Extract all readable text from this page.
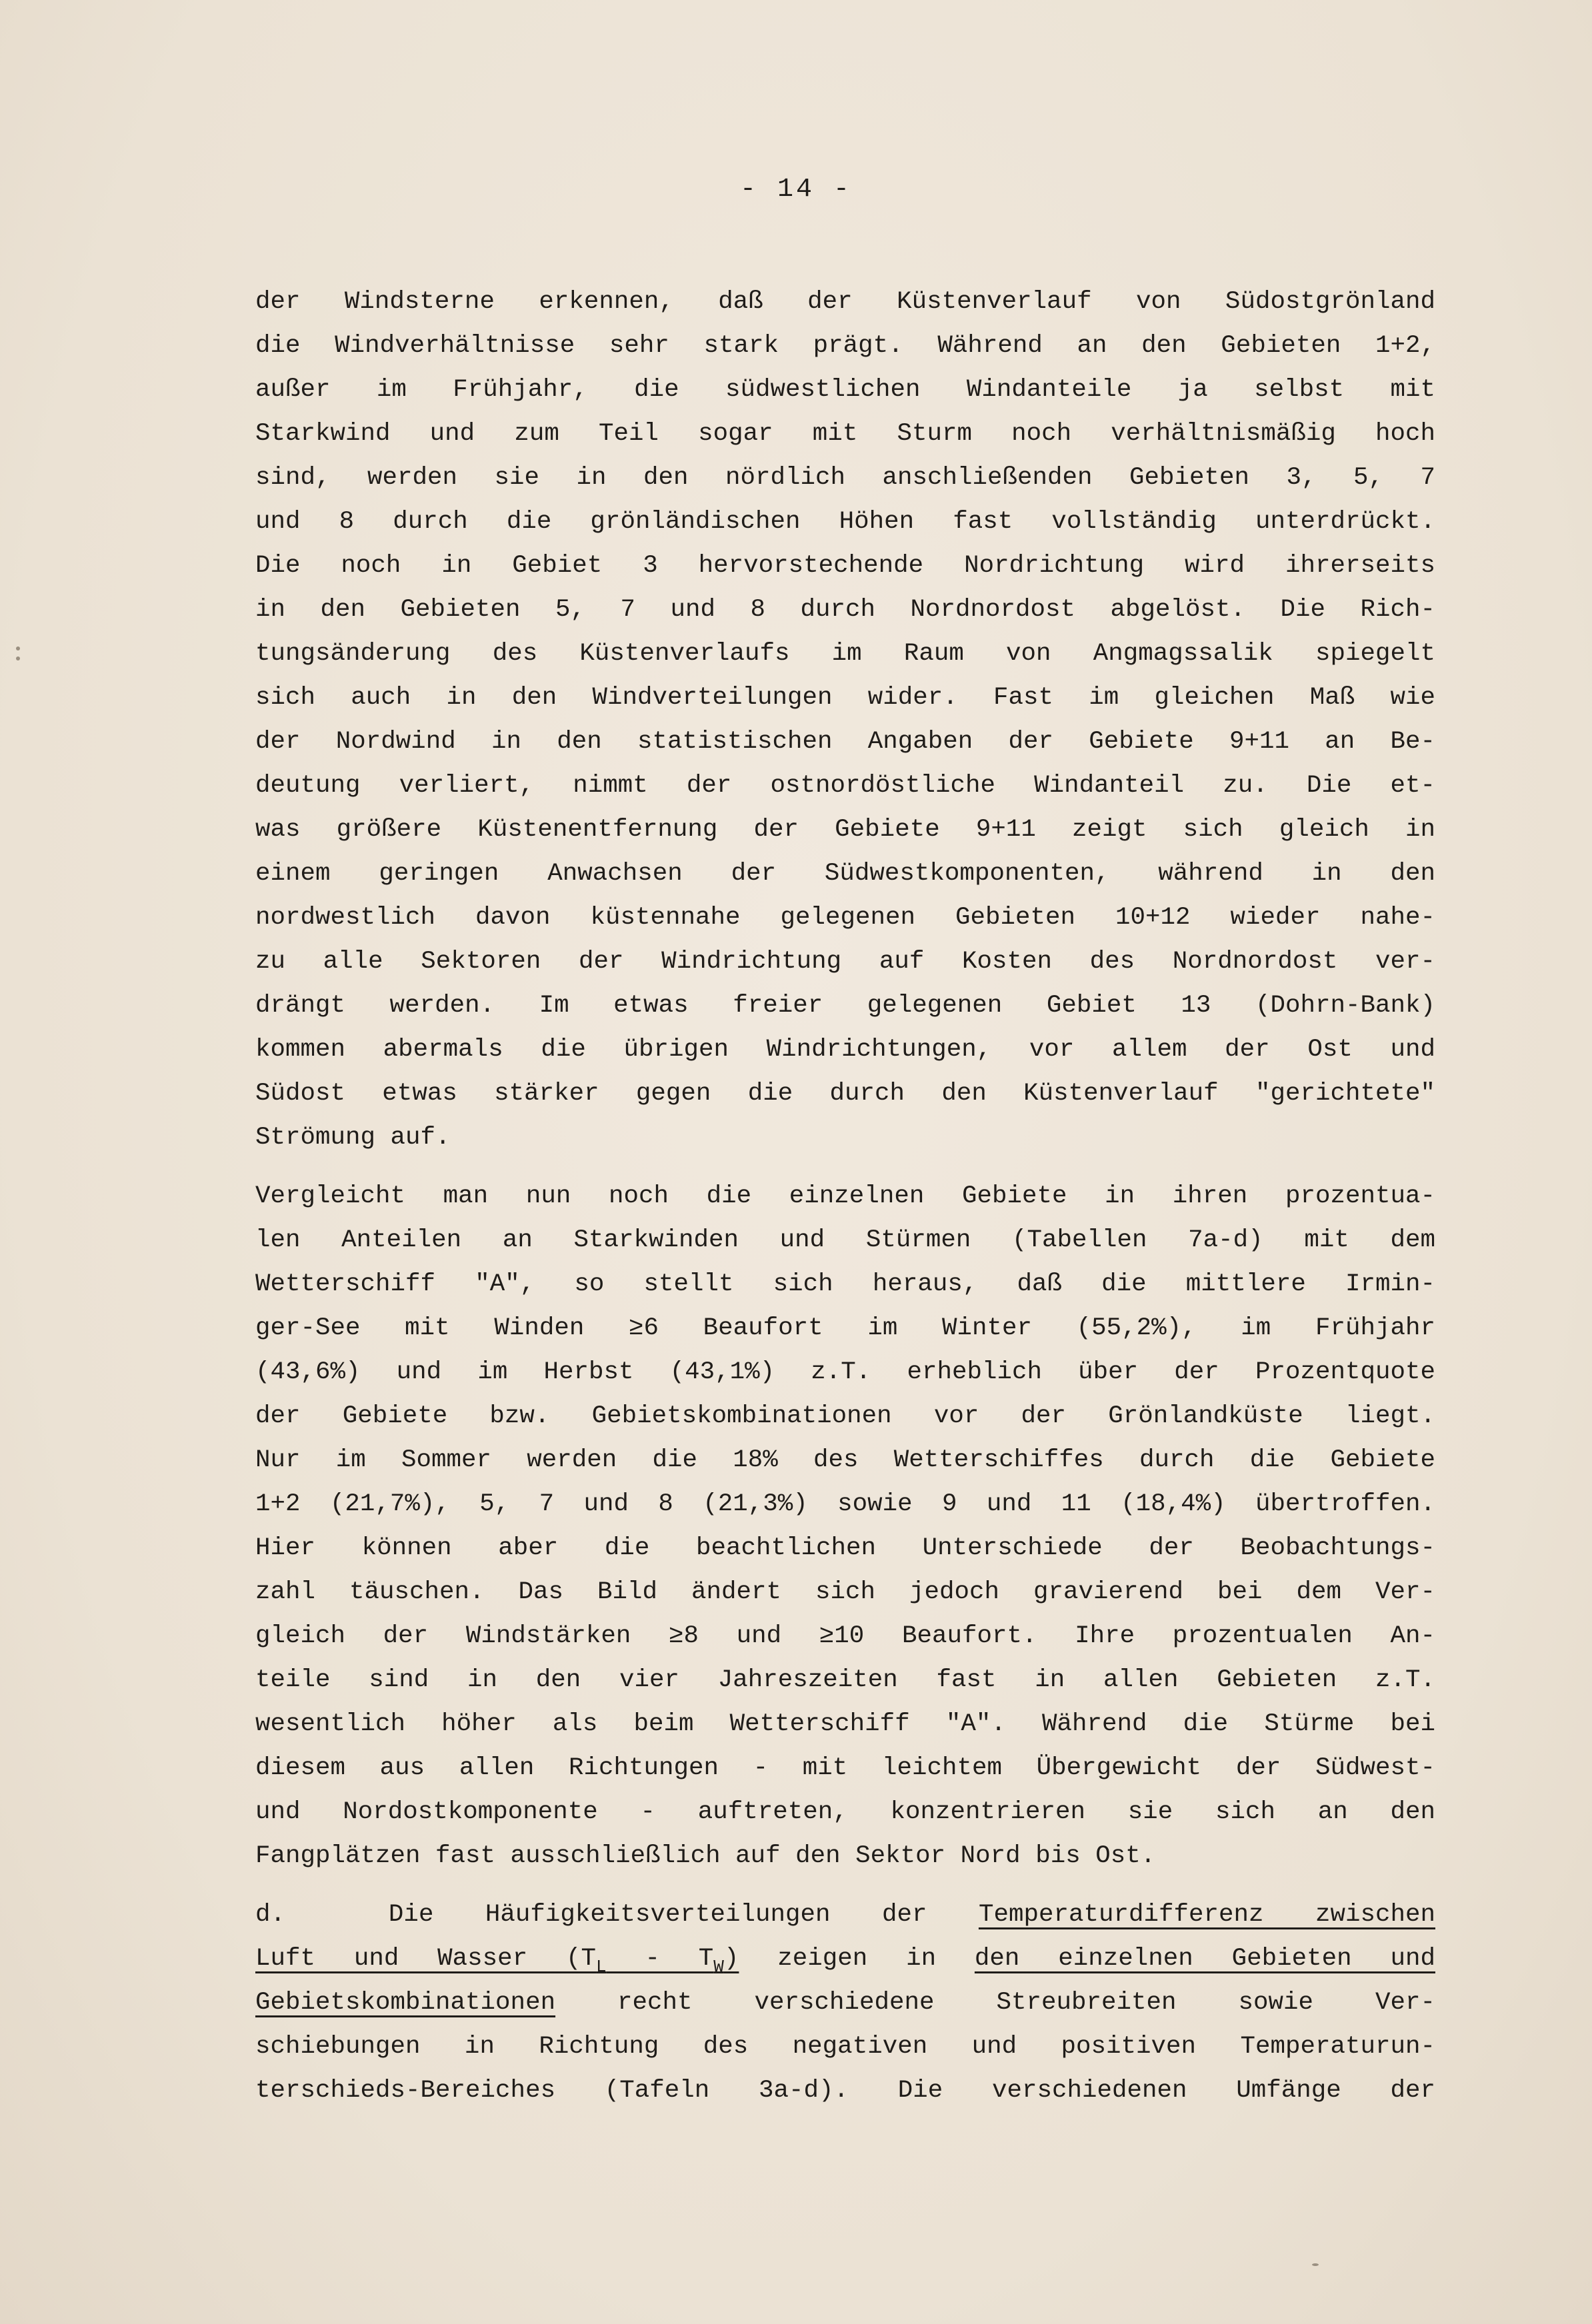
- 14 -
der Windsterne erkennen, daß der Küstenverlauf von Südostgrönland
die Windverhältnisse sehr stark prägt. Während an den Gebieten 1+2,
außer im Frühjahr, die südwestlichen Windanteile ja selbst mit
Starkwind und zum Teil sogar mit Sturm noch verhältnismäßig hoch
sind, werden sie in den nördlich anschließenden Gebieten 3, 5, 7
und 8 durch die grönländischen Höhen fast vollständig unterdrückt.
Die noch in Gebiet 3 hervorstechende Nordrichtung wird ihrerseits
in den Gebieten 5, 7 und 8 durch Nordnordost abgelöst. Die Rich-
tungsänderung des Küstenverlaufs im Raum von Angmagssalik spiegelt
sich auch in den Windverteilungen wider. Fast im gleichen Maß wie
der Nordwind in den statistischen Angaben der Gebiete 9+11 an Be-
deutung verliert, nimmt der ostnordöstliche Windanteil zu. Die et-
was größere Küstenentfernung der Gebiete 9+11 zeigt sich gleich in
einem geringen Anwachsen der Südwestkomponenten, während in den
nordwestlich davon küstennahe gelegenen Gebieten 10+12 wieder nahe-
zu alle Sektoren der Windrichtung auf Kosten des Nordnordost ver-
drängt werden. Im etwas freier gelegenen Gebiet 13 (Dohrn-Bank)
kommen abermals die übrigen Windrichtungen, vor allem der Ost und
Südost etwas stärker gegen die durch den Küstenverlauf "gerichtete"
Strömung auf.
Vergleicht man nun noch die einzelnen Gebiete in ihren prozentua-
len Anteilen an Starkwinden und Stürmen (Tabellen 7a-d) mit dem
Wetterschiff "A", so stellt sich heraus, daß die mittlere Irmin-
ger-See mit Winden ≥6 Beaufort im Winter (55,2%), im Frühjahr
(43,6%) und im Herbst (43,1%) z.T. erheblich über der Prozentquote
der Gebiete bzw. Gebietskombinationen vor der Grönlandküste liegt.
Nur im Sommer werden die 18% des Wetterschiffes durch die Gebiete
1+2 (21,7%), 5, 7 und 8 (21,3%) sowie 9 und 11 (18,4%) übertroffen.
Hier können aber die beachtlichen Unterschiede der Beobachtungs-
zahl täuschen. Das Bild ändert sich jedoch gravierend bei dem Ver-
gleich der Windstärken ≥8 und ≥10 Beaufort. Ihre prozentualen An-
teile sind in den vier Jahreszeiten fast in allen Gebieten z.T.
wesentlich höher als beim Wetterschiff "A". Während die Stürme bei
diesem aus allen Richtungen - mit leichtem Übergewicht der Südwest-
und Nordostkomponente - auftreten, konzentrieren sie sich an den
Fangplätzen fast ausschließlich auf den Sektor Nord bis Ost.
d.  Die Häufigkeitsverteilungen der Temperaturdifferenz zwischen
Luft und Wasser $(T_L - T_W)$ zeigen in den einzelnen Gebieten und
Gebietskombinationen recht verschiedene Streubreiten sowie Ver-
schiebungen in Richtung des negativen und positiven Temperaturun-
terschieds-Bereiches (Tafeln 3a-d). Die verschiedenen Umfänge der
